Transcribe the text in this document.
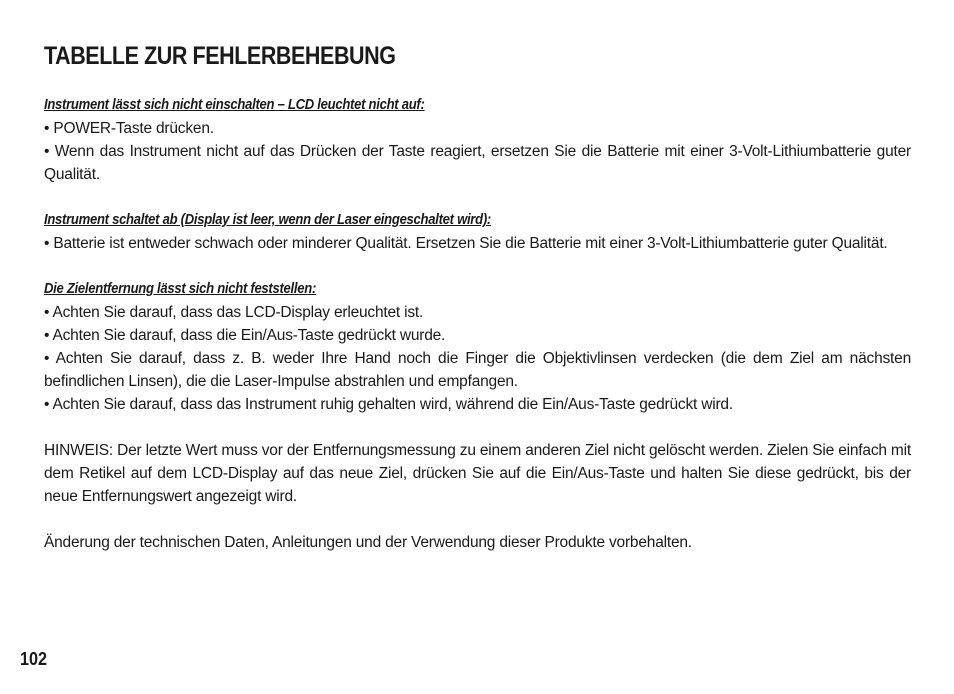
TABELLE ZUR FEHLERBEHEBUNG
Instrument lässt sich nicht einschalten – LCD leuchtet nicht auf:

• POWER-Taste drücken.

• Wenn das Instrument nicht auf das Drücken der Taste reagiert, ersetzen Sie die Batterie mit einer 3-Volt-Lithiumbatterie guter Qualität.

Instrument schaltet ab (Display ist leer, wenn der Laser eingeschaltet wird):

• Batterie ist entweder schwach oder minderer Qualität. Ersetzen Sie die Batterie mit einer 3-Volt-Lithiumbatterie guter Qualität.

Die Zielentfernung lässt sich nicht feststellen:

• Achten Sie darauf, dass das LCD-Display erleuchtet ist.

• Achten Sie darauf, dass die Ein/Aus-Taste gedrückt wurde.

• Achten Sie darauf, dass z. B. weder Ihre Hand noch die Finger die Objektivlinsen verdecken (die dem Ziel am nächsten befindlichen Linsen), die die Laser-Impulse abstrahlen und empfangen.

• Achten Sie darauf, dass das Instrument ruhig gehalten wird, während die Ein/Aus-Taste gedrückt wird.

HINWEIS: Der letzte Wert muss vor der Entfernungsmessung zu einem anderen Ziel nicht gelöscht werden. Zielen Sie einfach mit dem Retikel auf dem LCD-Display auf das neue Ziel, drücken Sie auf die Ein/Aus-Taste und halten Sie diese gedrückt, bis der neue Entfernungswert angezeigt wird.

Änderung der technischen Daten, Anleitungen und der Verwendung dieser Produkte vorbehalten.

102
